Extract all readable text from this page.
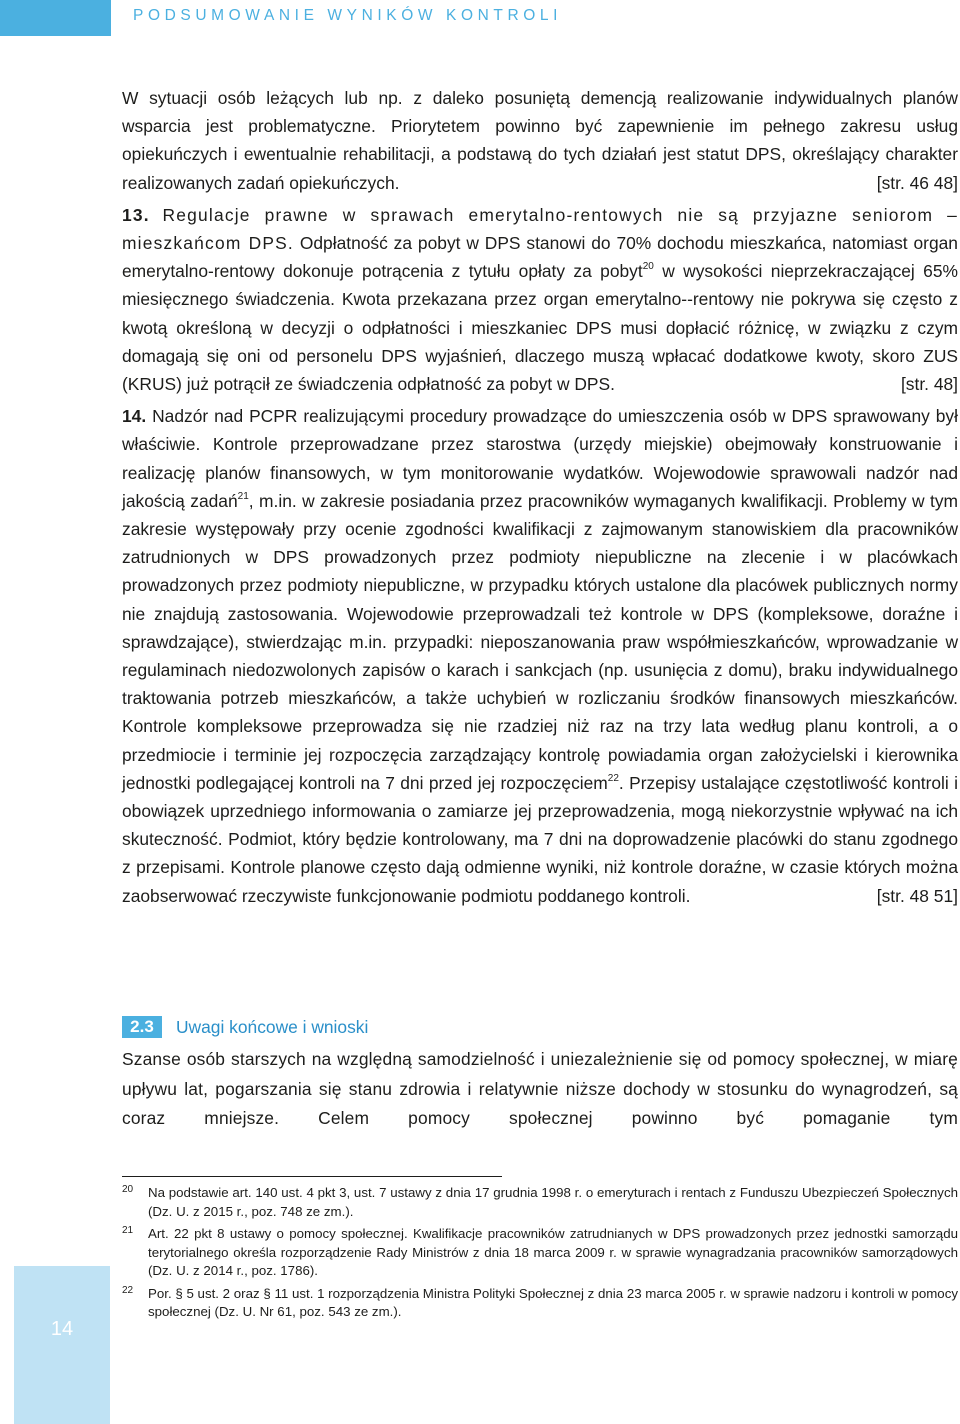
PODSUMOWANIE WYNIKÓW KONTROLI

W sytuacji osób leżących lub np. z daleko posuniętą demencją realizowanie indywidualnych planów wsparcia jest problematyczne. Priorytetem powinno być zapewnienie im pełnego zakresu usług opiekuńczych i ewentualnie rehabilitacji, a podstawą do tych działań jest statut DPS, określający charakter realizowanych zadań opiekuńczych.	[str. 46 48]

13. Regulacje prawne w sprawach emerytalno-rentowych nie są przyjazne seniorom – mieszkańcom DPS. Odpłatność za pobyt w DPS stanowi do 70% dochodu mieszkańca, natomiast organ emerytalno-rentowy dokonuje potrącenia z tytułu opłaty za pobyt$^{20}$ w wysokości nieprzekraczającej 65% miesięcznego świadczenia. Kwota przekazana przez organ emerytalno--rentowy nie pokrywa się często z kwotą określoną w decyzji o odpłatności i mieszkaniec DPS musi dopłacić różnicę, w związku z czym domagają się oni od personelu DPS wyjaśnień, dlaczego muszą wpłacać dodatkowe kwoty, skoro ZUS (KRUS) już potrącił ze świadczenia odpłatność za pobyt w DPS.	[str. 48]

14. Nadzór nad PCPR realizującymi procedury prowadzące do umieszczenia osób w DPS sprawowany był właściwie. Kontrole przeprowadzane przez starostwa (urzędy miejskie) obejmowały konstruowanie i realizację planów finansowych, w tym monitorowanie wydatków. Wojewodowie sprawowali nadzór nad jakością zadań$^{21}$, m.in. w zakresie posiadania przez pracowników wymaganych kwalifikacji. Problemy w tym zakresie występowały przy ocenie zgodności kwalifikacji z zajmowanym stanowiskiem dla pracowników zatrudnionych w DPS prowadzonych przez podmioty niepubliczne na zlecenie i w placówkach prowadzonych przez podmioty niepubliczne, w przypadku których ustalone dla placówek publicznych normy nie znajdują zastosowania. Wojewodowie przeprowadzali też kontrole w DPS (kompleksowe, doraźne i sprawdzające), stwierdzając m.in. przypadki: nieposzanowania praw współmieszkańców, wprowadzanie w regulaminach niedozwolonych zapisów o karach i sankcjach (np. usunięcia z domu), braku indywidualnego traktowania potrzeb mieszkańców, a także uchybień w rozliczaniu środków finansowych mieszkańców. Kontrole kompleksowe przeprowadza się nie rzadziej niż raz na trzy lata według planu kontroli, a o przedmiocie i terminie jej rozpoczęcia zarządzający kontrolę powiadamia organ założycielski i kierownika jednostki podlegającej kontroli na 7 dni przed jej rozpoczęciem$^{22}$. Przepisy ustalające częstotliwość kontroli i obowiązek uprzedniego informowania o zamiarze jej przeprowadzenia, mogą niekorzystnie wpływać na ich skuteczność. Podmiot, który będzie kontrolowany, ma 7 dni na doprowadzenie placówki do stanu zgodnego z przepisami. Kontrole planowe często dają odmienne wyniki, niż kontrole doraźne, w czasie których można zaobserwować rzeczywiste funkcjonowanie podmiotu poddanego kontroli.	[str. 48 51]

2.3	Uwagi końcowe i wnioski

Szanse osób starszych na względną samodzielność i uniezależnienie się od pomocy społecznej, w miarę upływu lat, pogarszania się stanu zdrowia i relatywnie niższe dochody w stosunku do wynagrodzeń, są coraz mniejsze. Celem pomocy społecznej powinno być pomaganie tym

20 Na podstawie art. 140 ust. 4 pkt 3, ust. 7 ustawy z dnia 17 grudnia 1998 r. o emeryturach i rentach z Funduszu Ubezpieczeń Społecznych (Dz. U. z 2015 r., poz. 748 ze zm.).
21 Art. 22 pkt 8 ustawy o pomocy społecznej. Kwalifikacje pracowników zatrudnianych w DPS prowadzonych przez jednostki samorządu terytorialnego określa rozporządzenie Rady Ministrów z dnia 18 marca 2009 r. w sprawie wynagradzania pracowników samorządowych (Dz. U. z 2014 r., poz. 1786).
22 Por. § 5 ust. 2 oraz § 11 ust. 1 rozporządzenia Ministra Polityki Społecznej z dnia 23 marca 2005 r. w sprawie nadzoru i kontroli w pomocy społecznej (Dz. U. Nr 61, poz. 543 ze zm.).
14
